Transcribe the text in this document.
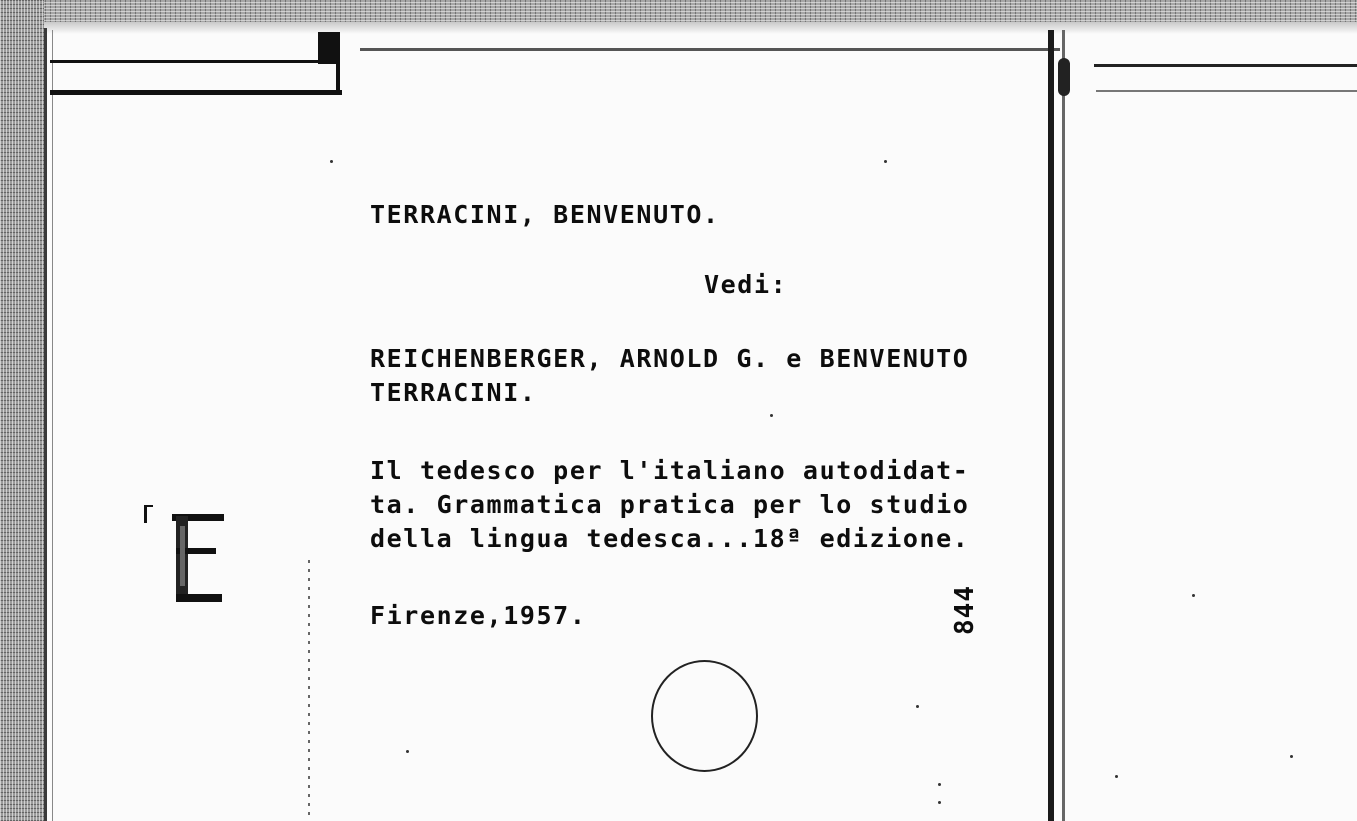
TERRACINI, BENVENUTO.

Vedi:

REICHENBERGER, ARNOLD G. e BENVENUTO
TERRACINI.

Il tedesco per l'italiano autodidat-
ta. Grammatica pratica per lo studio
della lingua tedesca...18ª edizione.

Firenze,1957.	844
